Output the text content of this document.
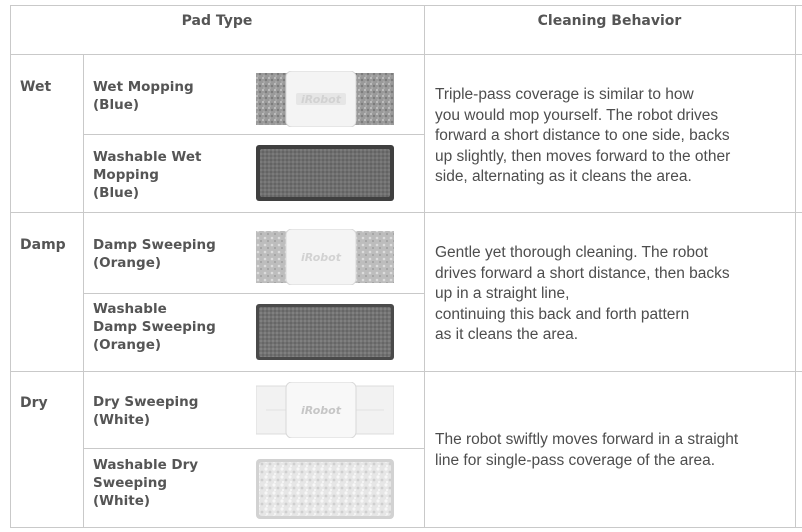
Pad Type	Cleaning Behavior
Wet
Damp
Dry
Wet Mopping
(Blue)
Washable Wet
Mopping
(Blue)
Damp Sweeping
(Orange)
Washable
Damp Sweeping
(Orange)
Dry Sweeping
(White)
Washable Dry
Sweeping
(White)
iRobot
iRobot
iRobot
Triple-pass coverage is similar to how
you would mop yourself. The robot drives
forward a short distance to one side, backs
up slightly, then moves forward to the other
side, alternating as it cleans the area.
Gentle yet thorough cleaning. The robot
drives forward a short distance, then backs
up in a straight line,
continuing this back and forth pattern
as it cleans the area.
The robot swiftly moves forward in a straight
line for single-pass coverage of the area.
